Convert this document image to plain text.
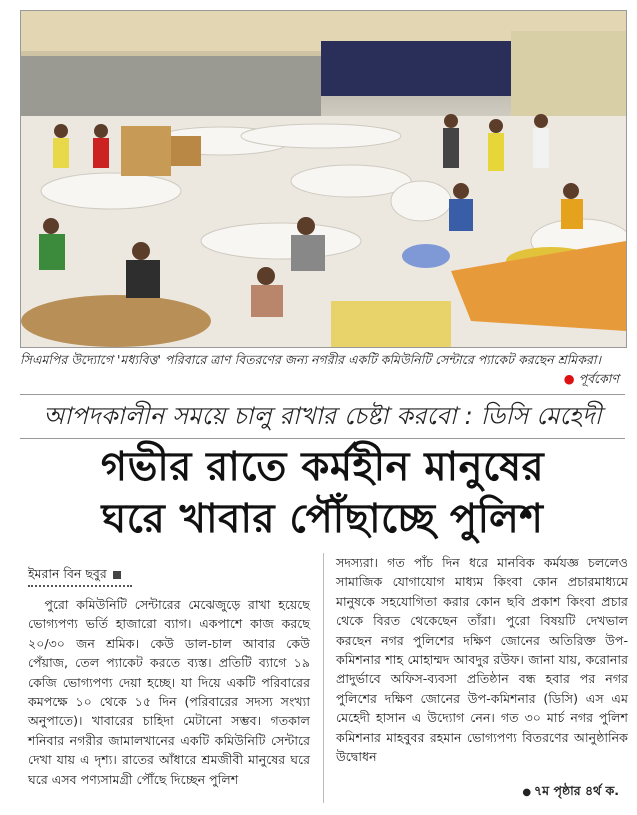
সিএমপির উদ্যোগে 'মধ্যবিত্ত' পরিবারে ত্রাণ বিতরণের জন্য নগরীর একটি কমিউনিটি সেন্টারে প্যাকেট করছেন শ্রমিকরা।
● পূর্বকোণ
আপদকালীন সময়ে চালু রাখার চেষ্টা করবো : ডিসি মেহেদী
গভীর রাতে কর্মহীন মানুষের
ঘরে খাবার পৌঁছাচ্ছে পুলিশ
ইমরান বিন ছবুর
পুরো কমিউনিটি সেন্টারের মেঝেজুড়ে রাখা হয়েছে ভোগ্যপণ্য ভর্তি হাজারো ব্যাগ। একপাশে কাজ করছে ২০/৩০ জন শ্রমিক। কেউ ডাল-চাল আবার কেউ পেঁয়াজ, তেল প্যাকেট করতে ব্যস্ত। প্রতিটি ব্যাগে ১৯ কেজি ভোগ্যপণ্য দেয়া হচ্ছে। যা দিয়ে একটি পরিবারের কমপক্ষে ১০ থেকে ১৫ দিন (পরিবারের সদস্য সংখ্যা অনুপাতে)। খাবারের চাহিদা মেটানো সম্ভব। গতকাল শনিবার নগরীর জামালখানের একটি কমিউনিটি সেন্টারে দেখা যায় এ দৃশ্য। রাতের আঁধারে শ্রমজীবী মানুষের ঘরে ঘরে এসব পণ্যসামগ্রী পৌঁছে দিচ্ছেন পুলিশ
সদস্যরা। গত পাঁচ দিন ধরে মানবিক কর্মযজ্ঞ চললেও সামাজিক যোগাযোগ মাধ্যম কিংবা কোন প্রচারমাধ্যমে মানুষকে সহযোগিতা করার কোন ছবি প্রকাশ কিংবা প্রচার থেকে বিরত থেকেছেন তাঁরা। পুরো বিষয়টি দেখভাল করছেন নগর পুলিশের দক্ষিণ জোনের অতিরিক্ত উপ-কমিশনার শাহ মোহাম্মদ আবদুর রউফ। জানা যায়, করোনার প্রাদুর্ভাবে অফিস-ব্যবসা প্রতিষ্ঠান বন্ধ হবার পর নগর পুলিশের দক্ষিণ জোনের উপ-কমিশনার (ডিসি) এস এম মেহেদী হাসান এ উদ্যোগ নেন। গত ৩০ মার্চ নগর পুলিশ কমিশনার মাহবুবর রহমান ভোগ্যপণ্য বিতরণের আনুষ্ঠানিক উদ্বোধন
● ৭ম পৃষ্ঠার ৪র্থ ক.
